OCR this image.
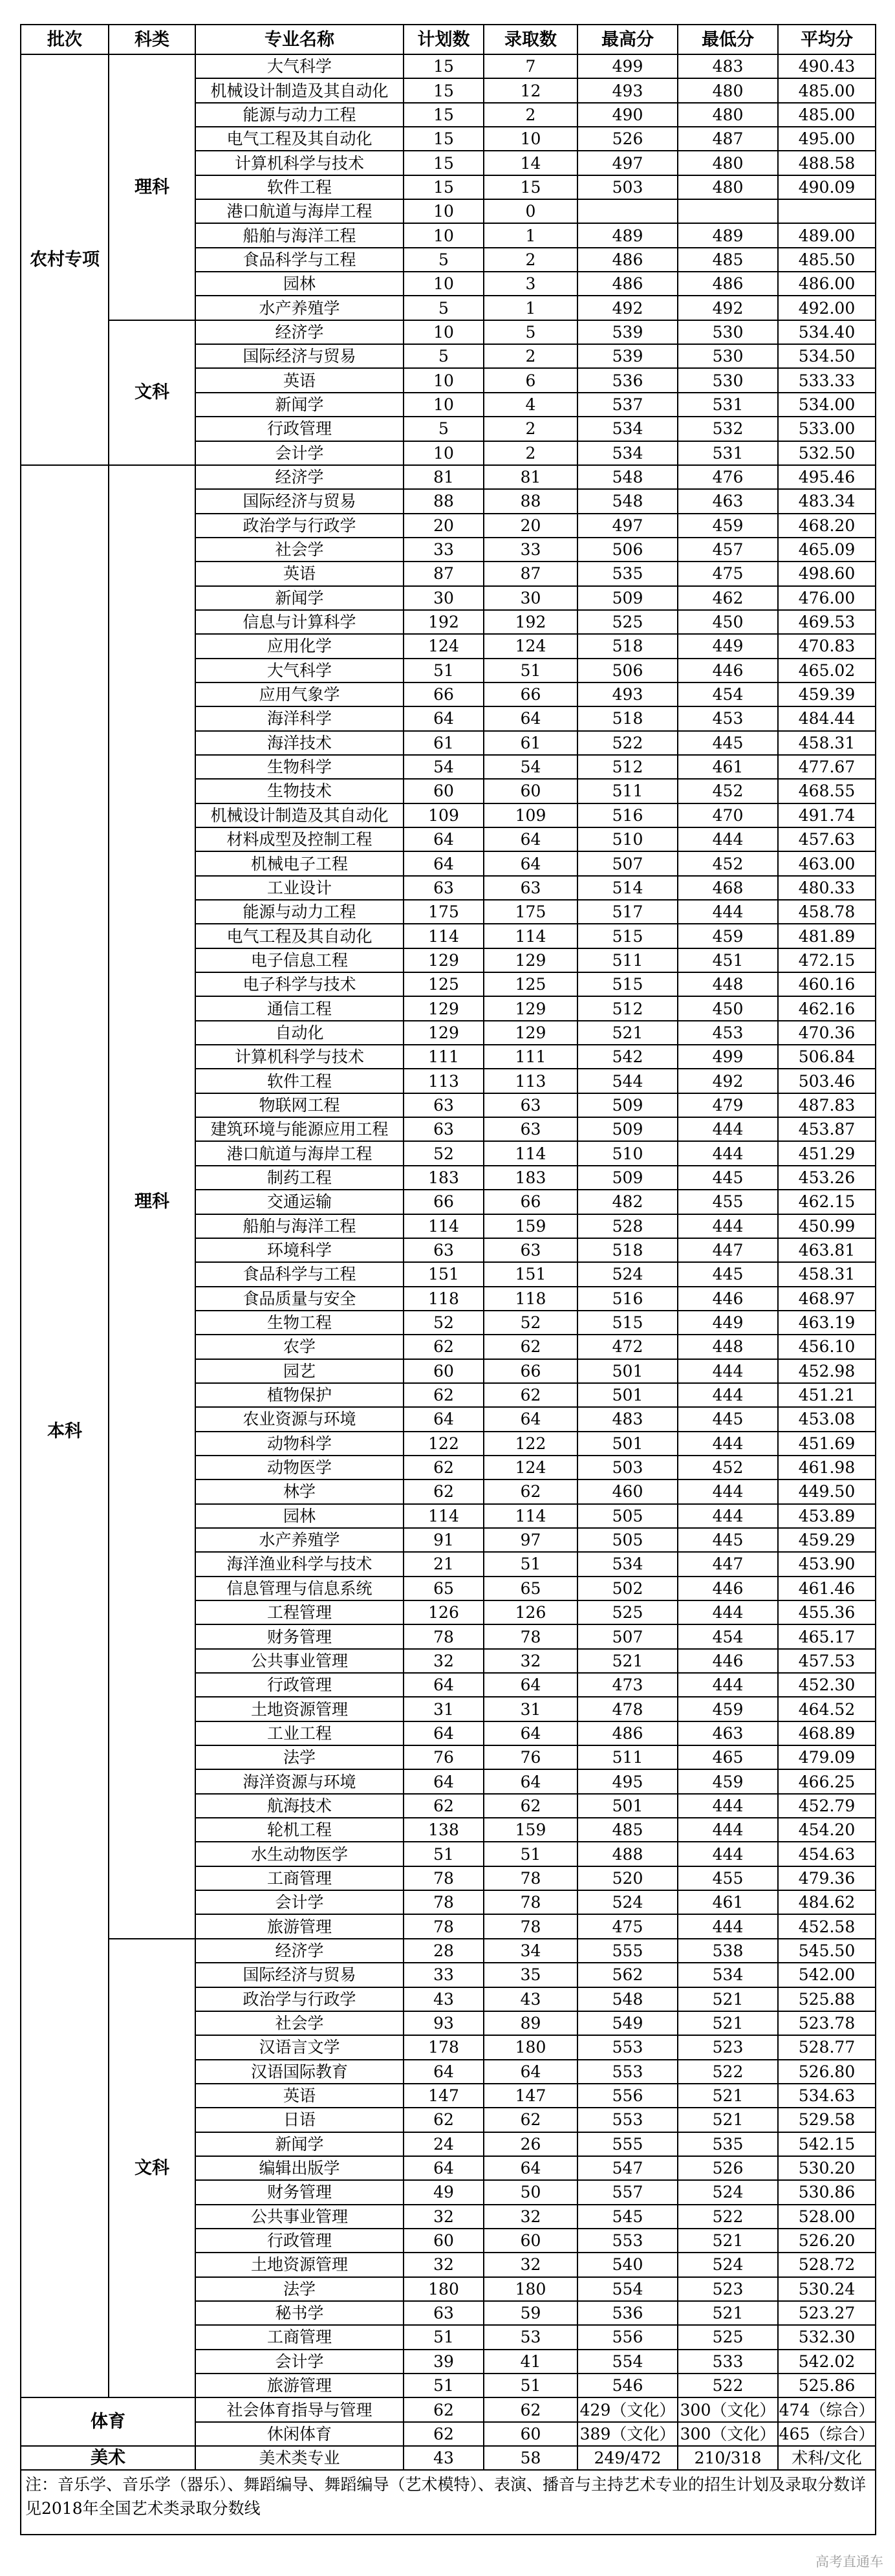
批次	科类	专业名称	计划数	录取数	最高分	最低分	平均分
农村专项	理科	大气科学	15	7	499	483	490.43
		机械设计制造及其自动化	15	12	493	480	485.00
		能源与动力工程	15	2	490	480	485.00
		电气工程及其自动化	15	10	526	487	495.00
		计算机科学与技术	15	14	497	480	488.58
		软件工程	15	15	503	480	490.09
		港口航道与海岸工程	10	0			
		船舶与海洋工程	10	1	489	489	489.00
		食品科学与工程	5	2	486	485	485.50
		园林	10	3	486	486	486.00
		水产养殖学	5	1	492	492	492.00
	文科	经济学	10	5	539	530	534.40
		国际经济与贸易	5	2	539	530	534.50
		英语	10	6	536	530	533.33
		新闻学	10	4	537	531	534.00
		行政管理	5	2	534	532	533.00
		会计学	10	2	534	531	532.50
本科	理科	经济学	81	81	548	476	495.46
		国际经济与贸易	88	88	548	463	483.34
		政治学与行政学	20	20	497	459	468.20
		社会学	33	33	506	457	465.09
		英语	87	87	535	475	498.60
		新闻学	30	30	509	462	476.00
		信息与计算科学	192	192	525	450	469.53
		应用化学	124	124	518	449	470.83
		大气科学	51	51	506	446	465.02
		应用气象学	66	66	493	454	459.39
		海洋科学	64	64	518	453	484.44
		海洋技术	61	61	522	445	458.31
		生物科学	54	54	512	461	477.67
		生物技术	60	60	511	452	468.55
		机械设计制造及其自动化	109	109	516	470	491.74
		材料成型及控制工程	64	64	510	444	457.63
		机械电子工程	64	64	507	452	463.00
		工业设计	63	63	514	468	480.33
		能源与动力工程	175	175	517	444	458.78
		电气工程及其自动化	114	114	515	459	481.89
		电子信息工程	129	129	511	451	472.15
		电子科学与技术	125	125	515	448	460.16
		通信工程	129	129	512	450	462.16
		自动化	129	129	521	453	470.36
		计算机科学与技术	111	111	542	499	506.84
		软件工程	113	113	544	492	503.46
		物联网工程	63	63	509	479	487.83
		建筑环境与能源应用工程	63	63	509	444	453.87
		港口航道与海岸工程	52	114	510	444	451.29
		制药工程	183	183	509	445	453.26
		交通运输	66	66	482	455	462.15
		船舶与海洋工程	114	159	528	444	450.99
		环境科学	63	63	518	447	463.81
		食品科学与工程	151	151	524	445	458.31
		食品质量与安全	118	118	516	446	468.97
		生物工程	52	52	515	449	463.19
		农学	62	62	472	448	456.10
		园艺	60	66	501	444	452.98
		植物保护	62	62	501	444	451.21
		农业资源与环境	64	64	483	445	453.08
		动物科学	122	122	501	444	451.69
		动物医学	62	124	503	452	461.98
		林学	62	62	460	444	449.50
		园林	114	114	505	444	453.89
		水产养殖学	91	97	505	445	459.29
		海洋渔业科学与技术	21	51	534	447	453.90
		信息管理与信息系统	65	65	502	446	461.46
		工程管理	126	126	525	444	455.36
		财务管理	78	78	507	454	465.17
		公共事业管理	32	32	521	446	457.53
		行政管理	64	64	473	444	452.30
		土地资源管理	31	31	478	459	464.52
		工业工程	64	64	486	463	468.89
		法学	76	76	511	465	479.09
		海洋资源与环境	64	64	495	459	466.25
		航海技术	62	62	501	444	452.79
		轮机工程	138	159	485	444	454.20
		水生动物医学	51	51	488	444	454.63
		工商管理	78	78	520	455	479.36
		会计学	78	78	524	461	484.62
		旅游管理	78	78	475	444	452.58
	文科	经济学	28	34	555	538	545.50
		国际经济与贸易	33	35	562	534	542.00
		政治学与行政学	43	43	548	521	525.88
		社会学	93	89	549	521	523.78
		汉语言文学	178	180	553	523	528.77
		汉语国际教育	64	64	553	522	526.80
		英语	147	147	556	521	534.63
		日语	62	62	553	521	529.58
		新闻学	24	26	555	535	542.15
		编辑出版学	64	64	547	526	530.20
		财务管理	49	50	557	524	530.86
		公共事业管理	32	32	545	522	528.00
		行政管理	60	60	553	521	526.20
		土地资源管理	32	32	540	524	528.72
		法学	180	180	554	523	530.24
		秘书学	63	59	536	521	523.27
		工商管理	51	53	556	525	532.30
		会计学	39	41	554	533	542.02
		旅游管理	51	51	546	522	525.86
体育		社会体育指导与管理	62	62	429（文化）	300（文化）	474（综合）
		休闲体育	62	60	389（文化）	300（文化）	465（综合）
美术		美术类专业	43	58	249/472	210/318	术科/文化
注：音乐学、音乐学（器乐）、舞蹈编导、舞蹈编导（艺术模特）、表演、播音与主持艺术专业的招生计划及录取分数详见2018年全国艺术类录取分数线							
高考直通车
